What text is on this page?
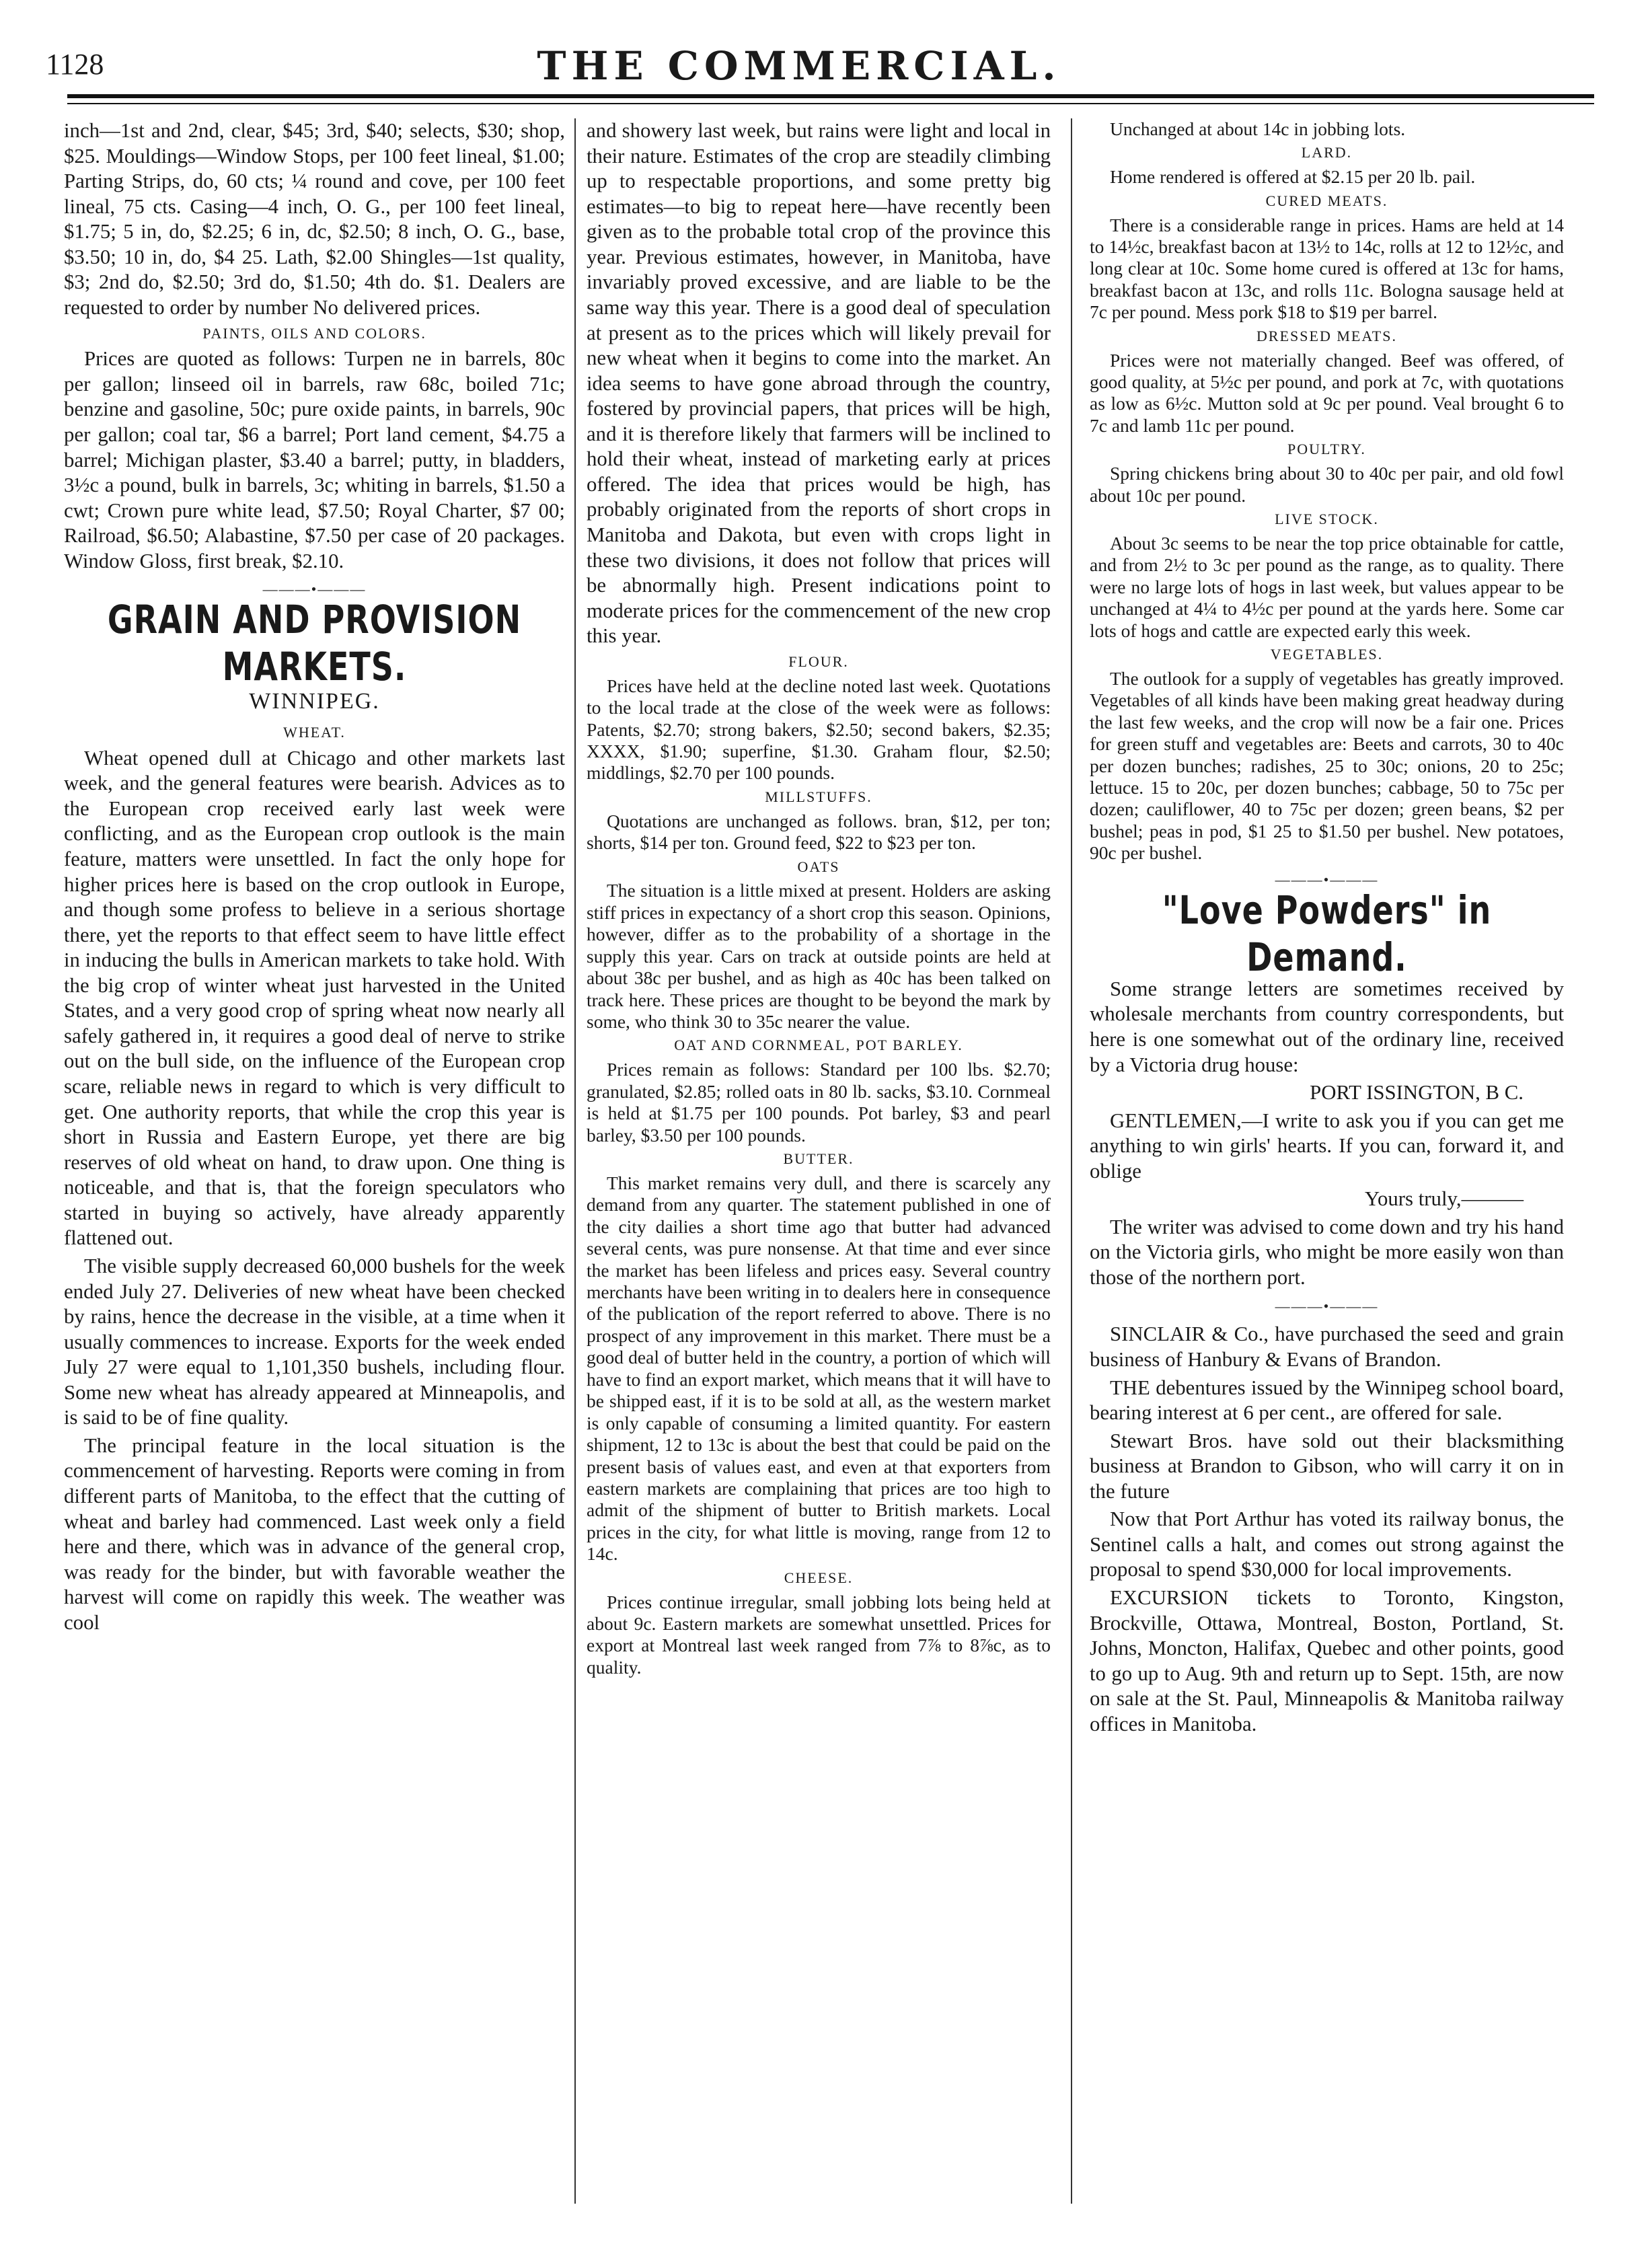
1128	THE COMMERCIAL.

inch—1st and 2nd, clear, $45; 3rd, $40; selects, $30; shop, $25. Mouldings—Window Stops, per 100 feet lineal, $1.00; Parting Strips, do, 60 cts; ¼ round and cove, per 100 feet lineal, 75 cts. Casing—4 inch, O. G., per 100 feet lineal, $1.75; 5 in, do, $2.25; 6 in, dc, $2.50; 8 inch, O. G., base, $3.50; 10 in, do, $4 25. Lath, $2.00 Shingles—1st quality, $3; 2nd do, $2.50; 3rd do, $1.50; 4th do. $1. Dealers are requested to order by number No delivered prices.

PAINTS, OILS AND COLORS.

Prices are quoted as follows: Turpen ne in barrels, 80c per gallon; linseed oil in barrels, raw 68c, boiled 71c; benzine and gasoline, 50c; pure oxide paints, in barrels, 90c per gallon; coal tar, $6 a barrel; Port land cement, $4.75 a barrel; Michigan plaster, $3.40 a barrel; putty, in bladders, 3½c a pound, bulk in barrels, 3c; whiting in barrels, $1.50 a cwt; Crown pure white lead, $7.50; Royal Charter, $7 00; Railroad, $6.50; Alabastine, $7.50 per case of 20 packages. Window Gloss, first break, $2.10.

———•———
GRAIN AND PROVISION MARKETS.
WINNIPEG.
WHEAT.

Wheat opened dull at Chicago and other markets last week, and the general features were bearish. Advices as to the European crop received early last week were conflicting, and as the European crop outlook is the main feature, matters were unsettled. In fact the only hope for higher prices here is based on the crop outlook in Europe, and though some profess to believe in a serious shortage there, yet the reports to that effect seem to have little effect in inducing the bulls in American markets to take hold. With the big crop of winter wheat just harvested in the United States, and a very good crop of spring wheat now nearly all safely gathered in, it requires a good deal of nerve to strike out on the bull side, on the influence of the European crop scare, reliable news in regard to which is very difficult to get. One authority reports, that while the crop this year is short in Russia and Eastern Europe, yet there are big reserves of old wheat on hand, to draw upon. One thing is noticeable, and that is, that the foreign speculators who started in buying so actively, have already apparently flattened out.

The visible supply decreased 60,000 bushels for the week ended July 27. Deliveries of new wheat have been checked by rains, hence the decrease in the visible, at a time when it usually commences to increase. Exports for the week ended July 27 were equal to 1,101,350 bushels, including flour. Some new wheat has already appeared at Minneapolis, and is said to be of fine quality.

The principal feature in the local situation is the commencement of harvesting. Reports were coming in from different parts of Manitoba, to the effect that the cutting of wheat and barley had commenced. Last week only a field here and there, which was in advance of the general crop, was ready for the binder, but with favorable weather the harvest will come on rapidly this week. The weather was cool

and showery last week, but rains were light and local in their nature. Estimates of the crop are steadily climbing up to respectable proportions, and some pretty big estimates—to big to repeat here—have recently been given as to the probable total crop of the province this year. Previous estimates, however, in Manitoba, have invariably proved excessive, and are liable to be the same way this year. There is a good deal of speculation at present as to the prices which will likely prevail for new wheat when it begins to come into the market. An idea seems to have gone abroad through the country, fostered by provincial papers, that prices will be high, and it is therefore likely that farmers will be inclined to hold their wheat, instead of marketing early at prices offered. The idea that prices would be high, has probably originated from the reports of short crops in Manitoba and Dakota, but even with crops light in these two divisions, it does not follow that prices will be abnormally high. Present indications point to moderate prices for the commencement of the new crop this year.

FLOUR.

Prices have held at the decline noted last week. Quotations to the local trade at the close of the week were as follows: Patents, $2.70; strong bakers, $2.50; second bakers, $2.35; XXXX, $1.90; superfine, $1.30. Graham flour, $2.50; middlings, $2.70 per 100 pounds.

MILLSTUFFS.

Quotations are unchanged as follows. bran, $12, per ton; shorts, $14 per ton. Ground feed, $22 to $23 per ton.

OATS

The situation is a little mixed at present. Holders are asking stiff prices in expectancy of a short crop this season. Opinions, however, differ as to the probability of a shortage in the supply this year. Cars on track at outside points are held at about 38c per bushel, and as high as 40c has been talked on track here. These prices are thought to be beyond the mark by some, who think 30 to 35c nearer the value.

OAT AND CORNMEAL, POT BARLEY.

Prices remain as follows: Standard per 100 lbs. $2.70; granulated, $2.85; rolled oats in 80 lb. sacks, $3.10. Cornmeal is held at $1.75 per 100 pounds. Pot barley, $3 and pearl barley, $3.50 per 100 pounds.

BUTTER.

This market remains very dull, and there is scarcely any demand from any quarter. The statement published in one of the city dailies a short time ago that butter had advanced several cents, was pure nonsense. At that time and ever since the market has been lifeless and prices easy. Several country merchants have been writing in to dealers here in consequence of the publication of the report referred to above. There is no prospect of any improvement in this market. There must be a good deal of butter held in the country, a portion of which will have to find an export market, which means that it will have to be shipped east, if it is to be sold at all, as the western market is only capable of consuming a limited quantity. For eastern shipment, 12 to 13c is about the best that could be paid on the present basis of values east, and even at that exporters from eastern markets are complaining that prices are too high to admit of the shipment of butter to British markets. Local prices in the city, for what little is moving, range from 12 to 14c.

CHEESE.

Prices continue irregular, small jobbing lots being held at about 9c. Eastern markets are somewhat unsettled. Prices for export at Montreal last week ranged from 7⅞ to 8⅞c, as to quality.

Unchanged at about 14c in jobbing lots.

LARD.

Home rendered is offered at $2.15 per 20 lb. pail.

CURED MEATS.

There is a considerable range in prices. Hams are held at 14 to 14½c, breakfast bacon at 13½ to 14c, rolls at 12 to 12½c, and long clear at 10c. Some home cured is offered at 13c for hams, breakfast bacon at 13c, and rolls 11c. Bologna sausage held at 7c per pound. Mess pork $18 to $19 per barrel.

DRESSED MEATS.

Prices were not materially changed. Beef was offered, of good quality, at 5½c per pound, and pork at 7c, with quotations as low as 6½c. Mutton sold at 9c per pound. Veal brought 6 to 7c and lamb 11c per pound.

POULTRY.

Spring chickens bring about 30 to 40c per pair, and old fowl about 10c per pound.

LIVE STOCK.

About 3c seems to be near the top price obtainable for cattle, and from 2½ to 3c per pound as the range, as to quality. There were no large lots of hogs in last week, but values appear to be unchanged at 4¼ to 4½c per pound at the yards here. Some car lots of hogs and cattle are expected early this week.

VEGETABLES.

The outlook for a supply of vegetables has greatly improved. Vegetables of all kinds have been making great headway during the last few weeks, and the crop will now be a fair one. Prices for green stuff and vegetables are: Beets and carrots, 30 to 40c per dozen bunches; radishes, 25 to 30c; onions, 20 to 25c; lettuce. 15 to 20c, per dozen bunches; cabbage, 50 to 75c per dozen; cauliflower, 40 to 75c per dozen; green beans, $2 per bushel; peas in pod, $1 25 to $1.50 per bushel. New potatoes, 90c per bushel.

———•———
"Love Powders" in Demand.

Some strange letters are sometimes received by wholesale merchants from country correspondents, but here is one somewhat out of the ordinary line, received by a Victoria drug house:

PORT ISSINGTON, B C.

GENTLEMEN,—I write to ask you if you can get me anything to win girls' hearts. If you can, forward it, and oblige

Yours truly,———

The writer was advised to come down and try his hand on the Victoria girls, who might be more easily won than those of the northern port.

———•———

SINCLAIR & Co., have purchased the seed and grain business of Hanbury & Evans of Brandon.

THE debentures issued by the Winnipeg school board, bearing interest at 6 per cent., are offered for sale.

Stewart Bros. have sold out their blacksmithing business at Brandon to Gibson, who will carry it on in the future

Now that Port Arthur has voted its railway bonus, the Sentinel calls a halt, and comes out strong against the proposal to spend $30,000 for local improvements.

EXCURSION tickets to Toronto, Kingston, Brockville, Ottawa, Montreal, Boston, Portland, St. Johns, Moncton, Halifax, Quebec and other points, good to go up to Aug. 9th and return up to Sept. 15th, are now on sale at the St. Paul, Minneapolis & Manitoba railway offices in Manitoba.
